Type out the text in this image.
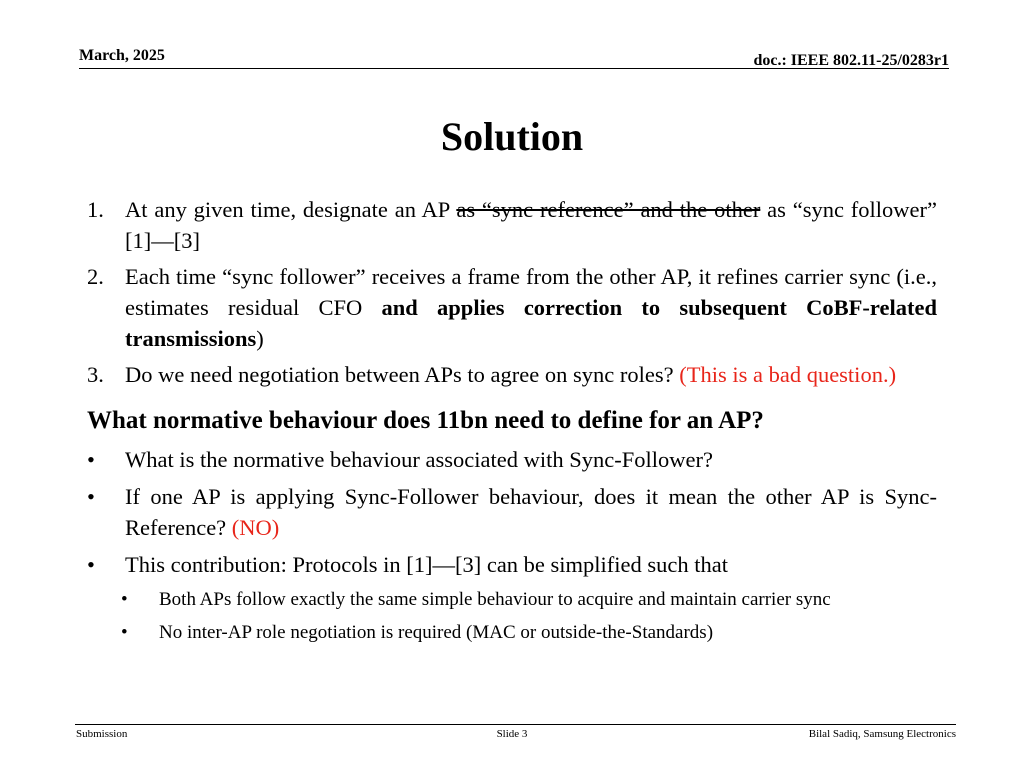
March, 2025	doc.: IEEE 802.11-25/0283r1
Solution
1. At any given time, designate an AP as “sync reference” and the other as “sync follower” [1]—[3]
2. Each time “sync follower” receives a frame from the other AP, it refines carrier sync (i.e., estimates residual CFO and applies correction to subsequent CoBF-related transmissions)
3. Do we need negotiation between APs to agree on sync roles? (This is a bad question.)
What normative behaviour does 11bn need to define for an AP?
• What is the normative behaviour associated with Sync-Follower?
• If one AP is applying Sync-Follower behaviour, does it mean the other AP is Sync-Reference? (NO)
• This contribution: Protocols in [1]—[3] can be simplified such that
• Both APs follow exactly the same simple behaviour to acquire and maintain carrier sync
• No inter-AP role negotiation is required (MAC or outside-the-Standards)
Submission	Slide 3	Bilal Sadiq, Samsung Electronics
